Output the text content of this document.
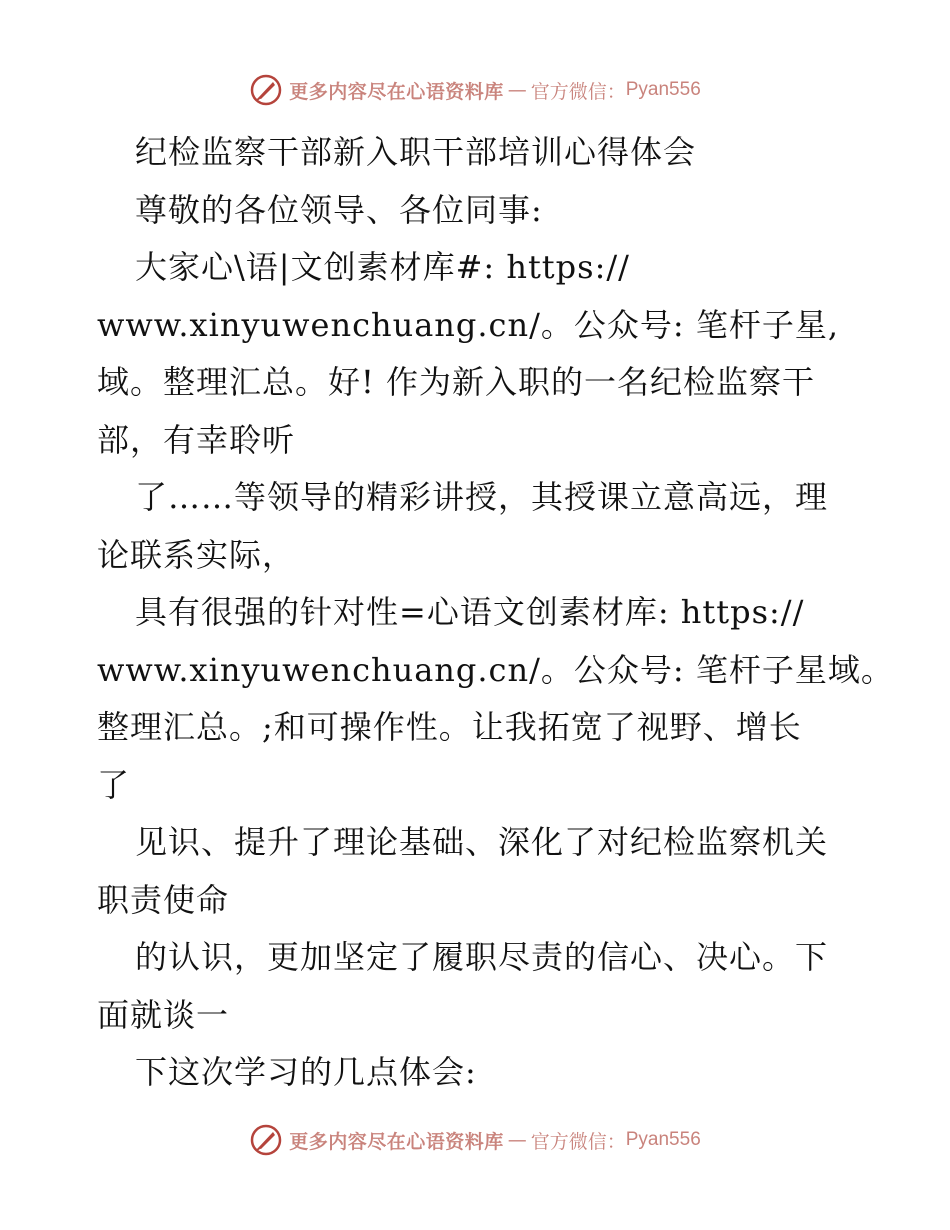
更多内容尽在心语资料库 — 官方微信： Pyan556
纪检监察干部新入职干部培训心得体会
尊敬的各位领导、各位同事:
大家心\语|文创素材库#: https://
www.xinyuwenchuang.cn/。公众号: 笔杆子星,
域。整理汇总。好! 作为新入职的一名纪检监察干
部，有幸聆听
了……等领导的精彩讲授，其授课立意高远，理
论联系实际，
具有很强的针对性=心语文创素材库: https://
www.xinyuwenchuang.cn/。公众号: 笔杆子星域。
整理汇总。;和可操作性。让我拓宽了视野、增长
了
见识、提升了理论基础、深化了对纪检监察机关
职责使命
的认识，更加坚定了履职尽责的信心、决心。下
面就谈一
下这次学习的几点体会:
更多内容尽在心语资料库 — 官方微信： Pyan556
